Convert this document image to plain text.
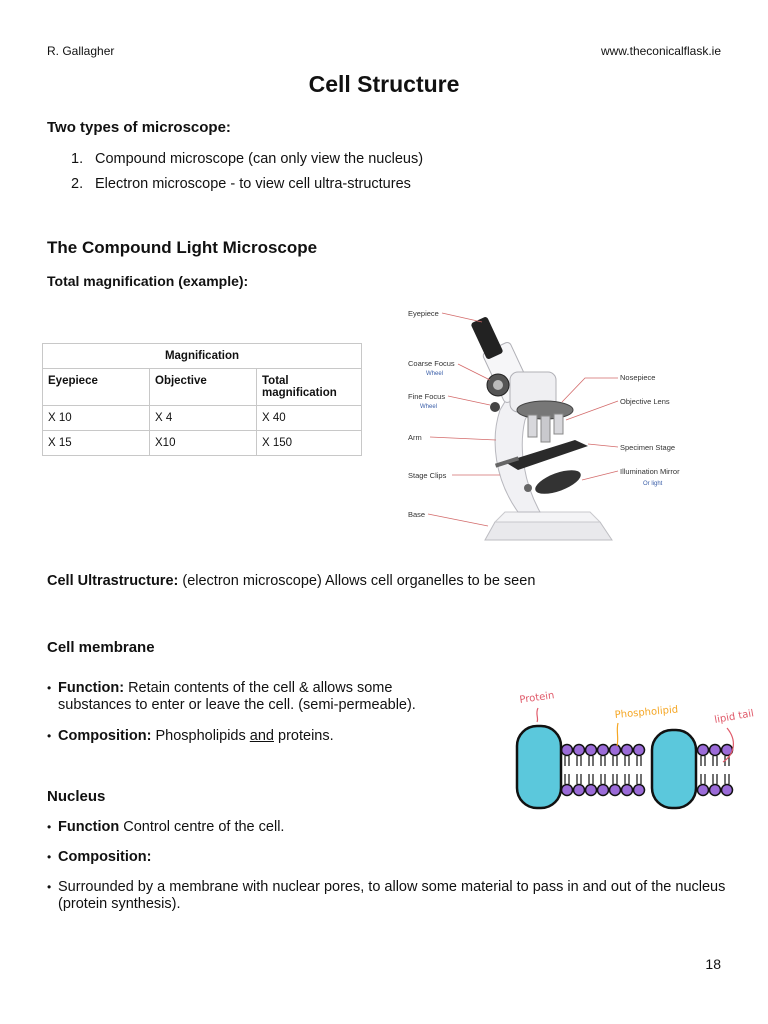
R. Gallagher	www.theconicalflask.ie
Cell Structure
Two types of microscope:
1. Compound microscope (can only view the nucleus)
2. Electron microscope - to view cell ultra-structures
The Compound Light Microscope
Total magnification (example):
Magnification		
Eyepiece	Objective	Total magnification
X 10	X 4	X 40
X 15	X10	X 150
Eyepiece
Coarse Focus
Wheel
Fine Focus
Wheel
Arm
Stage Clips
Base
Nosepiece
Objective Lens
Specimen Stage
Illumination Mirror
Or light
Cell Ultrastructure: (electron microscope) Allows cell organelles to be seen
Cell membrane
• Function: Retain contents of the cell & allows some substances to enter or leave the cell. (semi-permeable).
• Composition: Phospholipids and proteins.
Protein
Phospholipid	lipid tail
Nucleus
• Function Control centre of the cell.
• Composition:
• Surrounded by a membrane with nuclear pores, to allow some material to pass in and out of the nucleus (protein synthesis).
18
